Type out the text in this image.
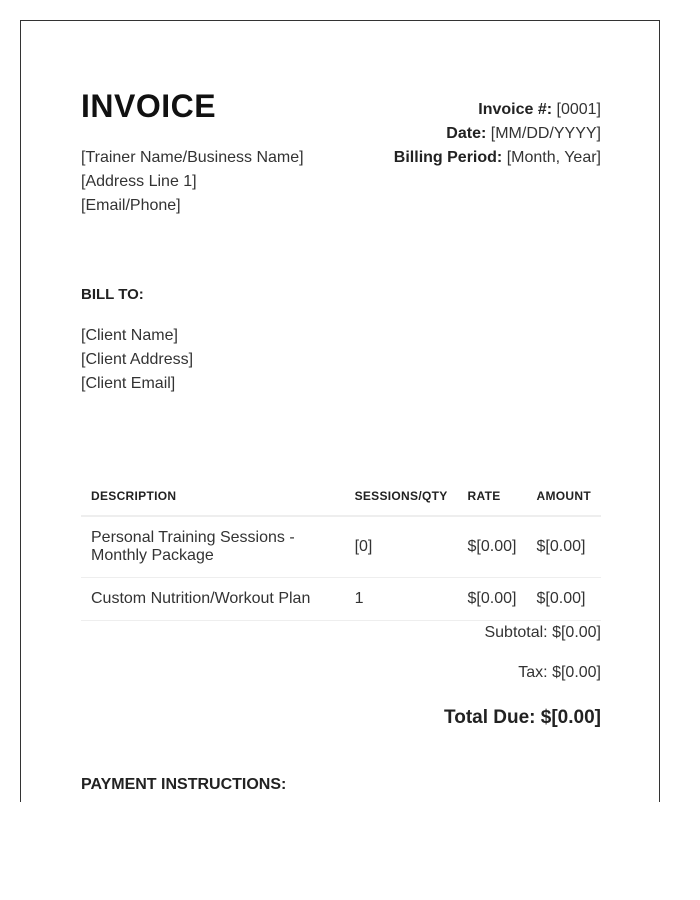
INVOICE	Invoice #: [0001]
Date: [MM/DD/YYYY]
Billing Period: [Month, Year]
[Trainer Name/Business Name]
[Address Line 1]
[Email/Phone]
BILL TO:
[Client Name]
[Client Address]
[Client Email]
DESCRIPTION	SESSIONS/QTY	RATE	AMOUNT
Personal Training Sessions - Monthly Package	[0]	$[0.00]	$[0.00]
Custom Nutrition/Workout Plan	1	$[0.00]	$[0.00]
Subtotal: $[0.00]
Tax: $[0.00]
Total Due: $[0.00]
PAYMENT INSTRUCTIONS:
